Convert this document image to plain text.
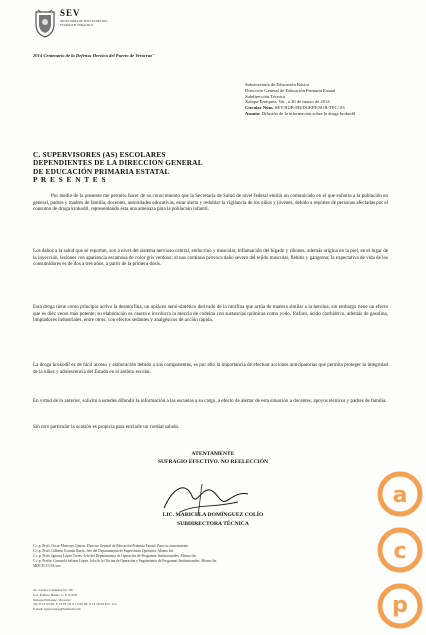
SEV
SECRETARÍA DE EDUCACIÓN DEL ESTADO DE VERACRUZ
2014 Centenario de la Defensa Heroica del Puerto de Veracruz"
Subsecretaría de Educación Básica
Dirección General de Educación Primaria Estatal
Subdirección Técnica
Xalapa-Enríquez, Ver., a 20 de marzo de 2014
Circular Núm. SEV/SUB-EB/DGEPE/SUB-TEC/ 03
Asunto: Difusión de la información sobre la droga krokodil
C. SUPERVISORES (AS) ESCOLARES
DEPENDIENTES DE LA DIRECCION GENERAL
DE EDUCACIÓN PRIMARIA ESTATAL
P R E S E N T E S
Por medio de la presente me permito hacer de su conocimiento que la Secretaría de Salud de nivel federal emitió un comunicado en el que exhorta a la población en general, padres y madres de familia, docentes, autoridades educativas, estar alerta y redoblar la vigilancia de los niños y jóvenes, debido a reportes de personas afectadas por el consumo de droga krokodil, representando ésta una amenaza para la población infantil.
Los daños a la salud que se reportan, son a nivel del sistema nervioso central, endocrino y muscular, inflamación del hígado y riñones, además origina en la piel, en el lugar de la inyección, lesiones con apariencia escamosa de color gris verdoso; el uso continuo provoca daño severo del tejido muscular, flebitis y gangrena; la expectativa de vida de los consumidores es de dos a tres años, a partir de la primera dosis.
Esta droga tiene como principio activo la desmorfina, un opiáceo semi-sintético derivado de la morfina que actúa de manera similar a la heroína, sin embargo tiene un efecto que es diez veces más potente; su elaboración es casera e involucra la mezcla de codeína con sustancias químicas como yodo, fósforo, ácido clorhídrico, además de gasolina, limpiadores industriales, entre otros, con efectos sedantes y analgésicos de acción rápida.
La droga krokodil es de fácil acceso y elaboración debido a sus componentes, es por ello la importancia de efectuar acciones anticipatorias que permita proteger la integridad de la niñez y adolescencia del Estado en el ámbito escolar.
En virtud de lo anterior, solicito a ustedes difundir la información a las escuelas a su cargo, a efecto de alertar de esta situación a docentes, apoyos técnicos y padres de familia.
Sin otro particular la ocasión es propicia para enviarle un cordial saludo.
ATENTAMENTE
SUFRAGIO EFECTIVO. NO REELECCIÓN
LIC. MARICELA DOMÍNGUEZ COLÍO
SUBDIRECTORA TÉCNICA
C.c.p. Profr. Oscar Moncayo Quiroz. Director General de Educación Primaria Estatal. Para su conocimiento.
C.c.p. Profr. Gilberto Estrada Ibarra. Jefe del Departamento de Supervisión Operativa. Mismo fin.
C.c.p. Profr. Ignacio López Torres. Jefe del Departamento de Operación de Programas Institucionales. Mismo fin.
C.c.p. Profra. Consuelo Salazar López. Jefa de la Oficina de Operación y Seguimiento de Programas Institucionales. Mismo fin.
MDC/ILT/CSL/sev
Av. Lázaro Cárdenas No. 66
Col. Emboe Buóllo C. P. 91100
Xalapa-Enríquez, Veracruz
Tel. 8 13 93 99, 8 13 93 18, 8 13 95 06, 8 13 76 20 Ext. 114
E-mail: ignaciodep@hotmail.com
a
c
p
